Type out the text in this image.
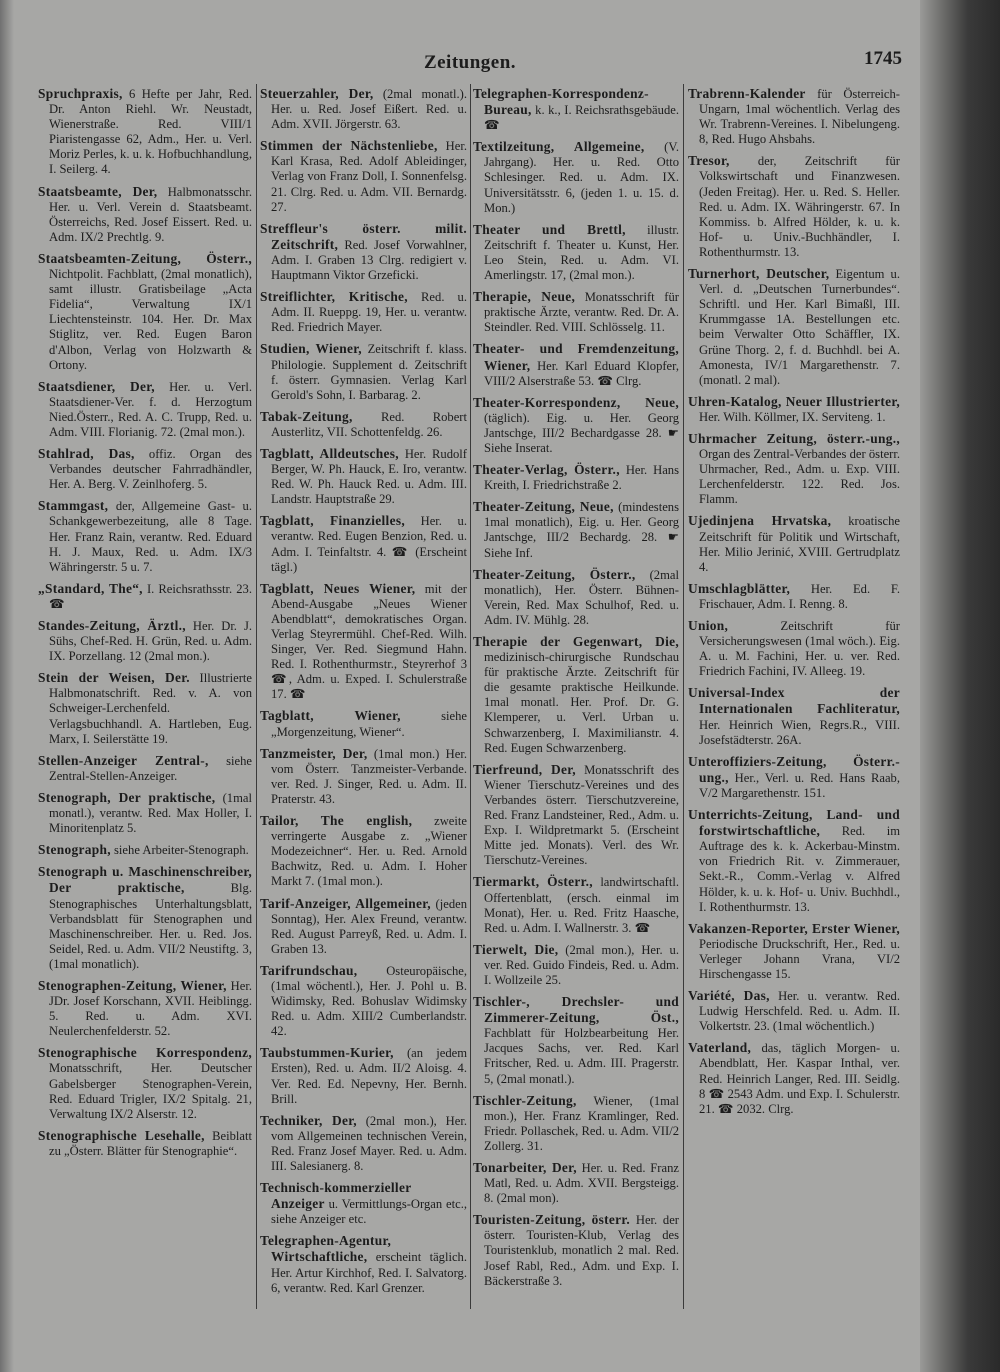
Zeitungen.	1745
Spruchpraxis, 6 Hefte per Jahr, Red. Dr. Anton Riehl. Wr. Neustadt, Wienerstraße. Red. VIII/1 Piaristengasse 62, Adm., Her. u. Verl. Moriz Perles, k. u. k. Hofbuchhandlung, I. Seilerg. 4.
Staatsbeamte, Der, Halbmonatsschr. Her. u. Verl. Verein d. Staatsbeamt. Österreichs, Red. Josef Eissert. Red. u. Adm. IX/2 Prechtlg. 9.
Staatsbeamten-Zeitung, Österr., Nichtpolit. Fachblatt, (2mal monatlich), samt illustr. Gratisbeilage „Acta Fidelia“, Verwaltung IX/1 Liechtensteinstr. 104. Her. Dr. Max Stiglitz, ver. Red. Eugen Baron d'Albon, Verlag von Holzwarth & Ortony.
Staatsdiener, Der, Her. u. Verl. Staatsdiener-Ver. f. d. Herzogtum Nied.Österr., Red. A. C. Trupp, Red. u. Adm. VIII. Florianig. 72. (2mal mon.).
Stahlrad, Das, offiz. Organ des Verbandes deutscher Fahrradhändler, Her. A. Berg. V. Zeinlhoferg. 5.
Stammgast, der, Allgemeine Gast- u. Schankgewerbezeitung, alle 8 Tage. Her. Franz Rain, verantw. Red. Eduard H. J. Maux, Red. u. Adm. IX/3 Währingerstr. 5 u. 7.
„Standard, The“, I. Reichsrathsstr. 23. ☎
Standes-Zeitung, Ärztl., Her. Dr. J. Sühs, Chef-Red. H. Grün, Red. u. Adm. IX. Porzellang. 12 (2mal mon.).
Stein der Weisen, Der. Illustrierte Halbmonatschrift. Red. v. A. von Schweiger-Lerchenfeld. Verlagsbuchhandl. A. Hartleben, Eug. Marx, I. Seilerstätte 19.
Stellen-Anzeiger Zentral-, siehe Zentral-Stellen-Anzeiger.
Stenograph, Der praktische, (1mal monatl.), verantw. Red. Max Holler, I. Minoritenplatz 5.
Stenograph, siehe Arbeiter-Stenograph.
Stenograph u. Maschinenschreiber, Der praktische,	Blg. Stenographisches Unterhaltungsblatt, Verbandsblatt für Stenographen und Maschinenschreiber. Her. u. Red. Jos. Seidel, Red. u. Adm. VII/2 Neustiftg. 3, (1mal monatlich).
Stenographen-Zeitung, Wiener, Her. JDr. Josef Korschann, XVII. Heiblingg. 5. Red. u. Adm. XVI. Neulerchenfelderstr. 52.
Stenographische Korrespondenz, Monatsschrift, Her. Deutscher Gabelsberger Stenographen-Verein, Red. Eduard Trigler, IX/2 Spitalg. 21, Verwaltung IX/2 Alserstr. 12.
Stenographische Lesehalle, Beiblatt zu „Österr. Blätter für Stenographie“.
Steuerzahler, Der, (2mal monatl.). Her. u. Red. Josef Eißert. Red. u. Adm. XVII. Jörgerstr. 63.
Stimmen der Nächstenliebe, Her. Karl Krasa, Red. Adolf Ableidinger, Verlag von Franz Doll, I. Sonnenfelsg. 21. Clrg. Red. u. Adm. VII. Bernardg. 27.
Streffleur's österr. milit. Zeitschrift, Red. Josef Vorwahlner, Adm. I. Graben 13 Clrg. redigiert v. Hauptmann Viktor Grzeficki.
Streiflichter, Kritische, Red. u. Adm. II. Rueppg. 19, Her. u. verantw. Red. Friedrich Mayer.
Studien, Wiener, Zeitschrift f. klass. Philologie. Supplement d. Zeitschrift f. österr. Gymnasien. Verlag Karl Gerold's Sohn, I. Barbarag. 2.
Tabak-Zeitung, Red. Robert Austerlitz, VII. Schottenfeldg. 26.
Tagblatt, Alldeutsches, Her. Rudolf Berger, W. Ph. Hauck, E. Iro, verantw. Red. W. Ph. Hauck Red. u. Adm. III. Landstr. Hauptstraße 29.
Tagblatt, Finanzielles, Her. u. verantw. Red. Eugen Benzion, Red. u. Adm. I. Teinfaltstr. 4. ☎ (Erscheint tägl.)
Tagblatt, Neues Wiener, mit der Abend-Ausgabe „Neues Wiener Abendblatt“, demokratisches Organ. Verlag Steyrermühl. Chef-Red. Wilh. Singer, Ver. Red. Siegmund Hahn. Red. I. Rothenthurmstr., Steyrerhof 3 ☎, Adm. u. Exped. I. Schulerstraße 17. ☎
Tagblatt, Wiener,	siehe „Morgenzeitung, Wiener“.
Tanzmeister, Der, (1mal mon.) Her. vom Österr. Tanzmeister-Verbande. ver. Red. J. Singer, Red. u. Adm. II. Praterstr. 43.
Tailor, The english, zweite verringerte Ausgabe z. „Wiener Modezeichner“. Her. u. Red. Arnold Bachwitz, Red. u. Adm. I. Hoher Markt 7. (1mal mon.).
Tarif-Anzeiger, Allgemeiner, (jeden Sonntag), Her. Alex Freund, verantw. Red. August Parreyß, Red. u. Adm. I. Graben 13.
Tarifrundschau, Osteuropäische, (1mal wöchentl.), Her. J. Pohl u. B. Widimsky, Red. Bohuslav Widimsky Red. u. Adm. XIII/2 Cumberlandstr. 42.
Taubstummen-Kurier, (an jedem Ersten), Red. u. Adm. II/2 Aloisg. 4. Ver. Red. Ed. Nepevny, Her. Bernh. Brill.
Techniker, Der, (2mal mon.), Her. vom Allgemeinen technischen Verein, Red. Franz Josef Mayer. Red. u. Adm. III. Salesianerg. 8.
Technisch-kommerzieller Anzeiger u. Vermittlungs-Organ etc., siehe Anzeiger etc.
Telegraphen-Agentur, Wirtschaftliche, erscheint täglich. Her. Artur Kirchhof, Red. I. Salvatorg. 6, verantw. Red. Karl Grenzer.
Telegraphen-Korrespondenz-Bureau, k. k., I. Reichsrathsgebäude. ☎
Textilzeitung, Allgemeine, (V. Jahrgang). Her. u. Red. Otto Schlesinger. Red. u. Adm. IX. Universitätsstr. 6, (jeden 1. u. 15. d. Mon.)
Theater und Brettl, illustr. Zeitschrift f. Theater u. Kunst, Her. Leo Stein, Red. u. Adm. VI. Amerlingstr. 17, (2mal mon.).
Therapie, Neue, Monatsschrift für praktische Ärzte, verantw. Red. Dr. A. Steindler. Red. VIII. Schlösselg. 11.
Theater- und Fremdenzeitung, Wiener, Her. Karl Eduard Klopfer, VIII/2 Alserstraße 53. ☎ Clrg.
Theater-Korrespondenz, Neue, (täglich). Eig. u. Her. Georg Jantschge, III/2 Bechardgasse 28. ☛ Siehe Inserat.
Theater-Verlag, Österr., Her. Hans Kreith, I. Friedrichstraße 2.
Theater-Zeitung, Neue, (mindestens 1mal monatlich), Eig. u. Her. Georg Jantschge, III/2 Bechardg. 28. ☛ Siehe Inf.
Theater-Zeitung, Österr., (2mal monatlich), Her. Österr. Bühnen-Verein, Red. Max Schulhof, Red. u. Adm. IV. Mühlg. 28.
Therapie der Gegenwart, Die, medizinisch-chirurgische Rundschau für praktische Ärzte. Zeitschrift für die gesamte praktische Heilkunde. 1mal monatl. Her. Prof. Dr. G. Klemperer, u. Verl. Urban u. Schwarzenberg, I. Maximilianstr. 4. Red. Eugen Schwarzenberg.
Tierfreund, Der, Monatsschrift des Wiener Tierschutz-Vereines und des Verbandes österr. Tierschutzvereine, Red. Franz Landsteiner, Red., Adm. u. Exp. I. Wildpretmarkt 5. (Erscheint Mitte jed. Monats). Verl. des Wr. Tierschutz-Vereines.
Tiermarkt, Österr., landwirtschaftl. Offertenblatt, (ersch. einmal im Monat), Her. u. Red. Fritz Haasche, Red. u. Adm. I. Wallnerstr. 3. ☎
Tierwelt, Die, (2mal mon.), Her. u. ver. Red. Guido Findeis, Red. u. Adm. I. Wollzeile 25.
Tischler-, Drechsler- und Zimmerer-Zeitung, Öst., Fachblatt für Holzbearbeitung Her. Jacques Sachs, ver. Red. Karl Fritscher, Red. u. Adm. III. Pragerstr. 5, (2mal monatl.).
Tischler-Zeitung, Wiener, (1mal mon.), Her. Franz Kramlinger, Red. Friedr. Pollaschek, Red. u. Adm. VII/2 Zollerg. 31.
Tonarbeiter, Der, Her. u. Red. Franz Matl, Red. u. Adm. XVII. Bergsteigg. 8. (2mal mon).
Touristen-Zeitung, österr. Her. der österr. Touristen-Klub, Verlag des Touristenklub, monatlich 2 mal. Red. Josef Rabl, Red., Adm. und Exp. I. Bäckerstraße 3.
Trabrenn-Kalender für Österreich-Ungarn, 1mal wöchentlich. Verlag des Wr. Trabrenn-Vereines. I. Nibelungeng. 8, Red. Hugo Ahsbahs.
Tresor, der, Zeitschrift für Volkswirtschaft und Finanzwesen. (Jeden Freitag). Her. u. Red. S. Heller. Red. u. Adm. IX. Währingerstr. 67. In Kommiss. b. Alfred Hölder, k. u. k. Hof- u. Univ.-Buchhändler, I. Rothenthurmstr. 13.
Turnerhort, Deutscher, Eigentum u. Verl. d. „Deutschen Turnerbundes“. Schriftl. und Her. Karl Bimaßl, III. Krummgasse 1A. Bestellungen etc. beim Verwalter Otto Schäffler, IX. Grüne Thorg. 2, f. d. Buchhdl. bei A. Amonesta, IV/1 Margarethenstr. 7. (monatl. 2 mal).
Uhren-Katalog, Neuer Illustrierter, Her. Wilh. Köllmer, IX. Serviteng. 1.
Uhrmacher Zeitung, österr.-ung., Organ des Zentral-Verbandes der österr. Uhrmacher, Red., Adm. u. Exp. VIII. Lerchenfelderstr. 122. Red. Jos. Flamm.
Ujedinjena Hrvatska, kroatische Zeitschrift für Politik und Wirtschaft, Her. Milio Jerinić, XVIII. Gertrudplatz 4.
Umschlagblätter, Her. Ed. F. Frischauer, Adm. I. Renng. 8.
Union,	Zeitschrift für Versicherungswesen (1mal wöch.). Eig. A. u. M. Fachini, Her. u. ver. Red. Friedrich Fachini, IV. Alleeg. 19.
Universal-Index der Internationalen Fachliteratur, Her. Heinrich Wien, Regrs.R., VIII. Josefstädterstr. 26A.
Unteroffiziers-Zeitung, Österr.-ung., Her., Verl. u. Red. Hans Raab, V/2 Margarethenstr. 151.
Unterrichts-Zeitung, Land- und forstwirtschaftliche, Red. im Auftrage des k. k. Ackerbau-Minstm. von Friedrich Rit. v. Zimmerauer, Sekt.-R., Comm.-Verlag v. Alfred Hölder, k. u. k. Hof- u. Univ. Buchhdl., I. Rothenthurmstr. 13.
Vakanzen-Reporter, Erster Wiener, Periodische Druckschrift, Her., Red. u. Verleger Johann Vrana, VI/2 Hirschengasse 15.
Variété, Das, Her. u. verantw. Red. Ludwig Herschfeld. Red. u. Adm. II. Volkertstr. 23. (1mal wöchentlich.)
Vaterland, das, täglich Morgen- u. Abendblatt, Her. Kaspar Inthal, ver. Red. Heinrich Langer, Red. III. Seidlg. 8 ☎ 2543 Adm. und Exp. I. Schulerstr. 21. ☎ 2032. Clrg.
